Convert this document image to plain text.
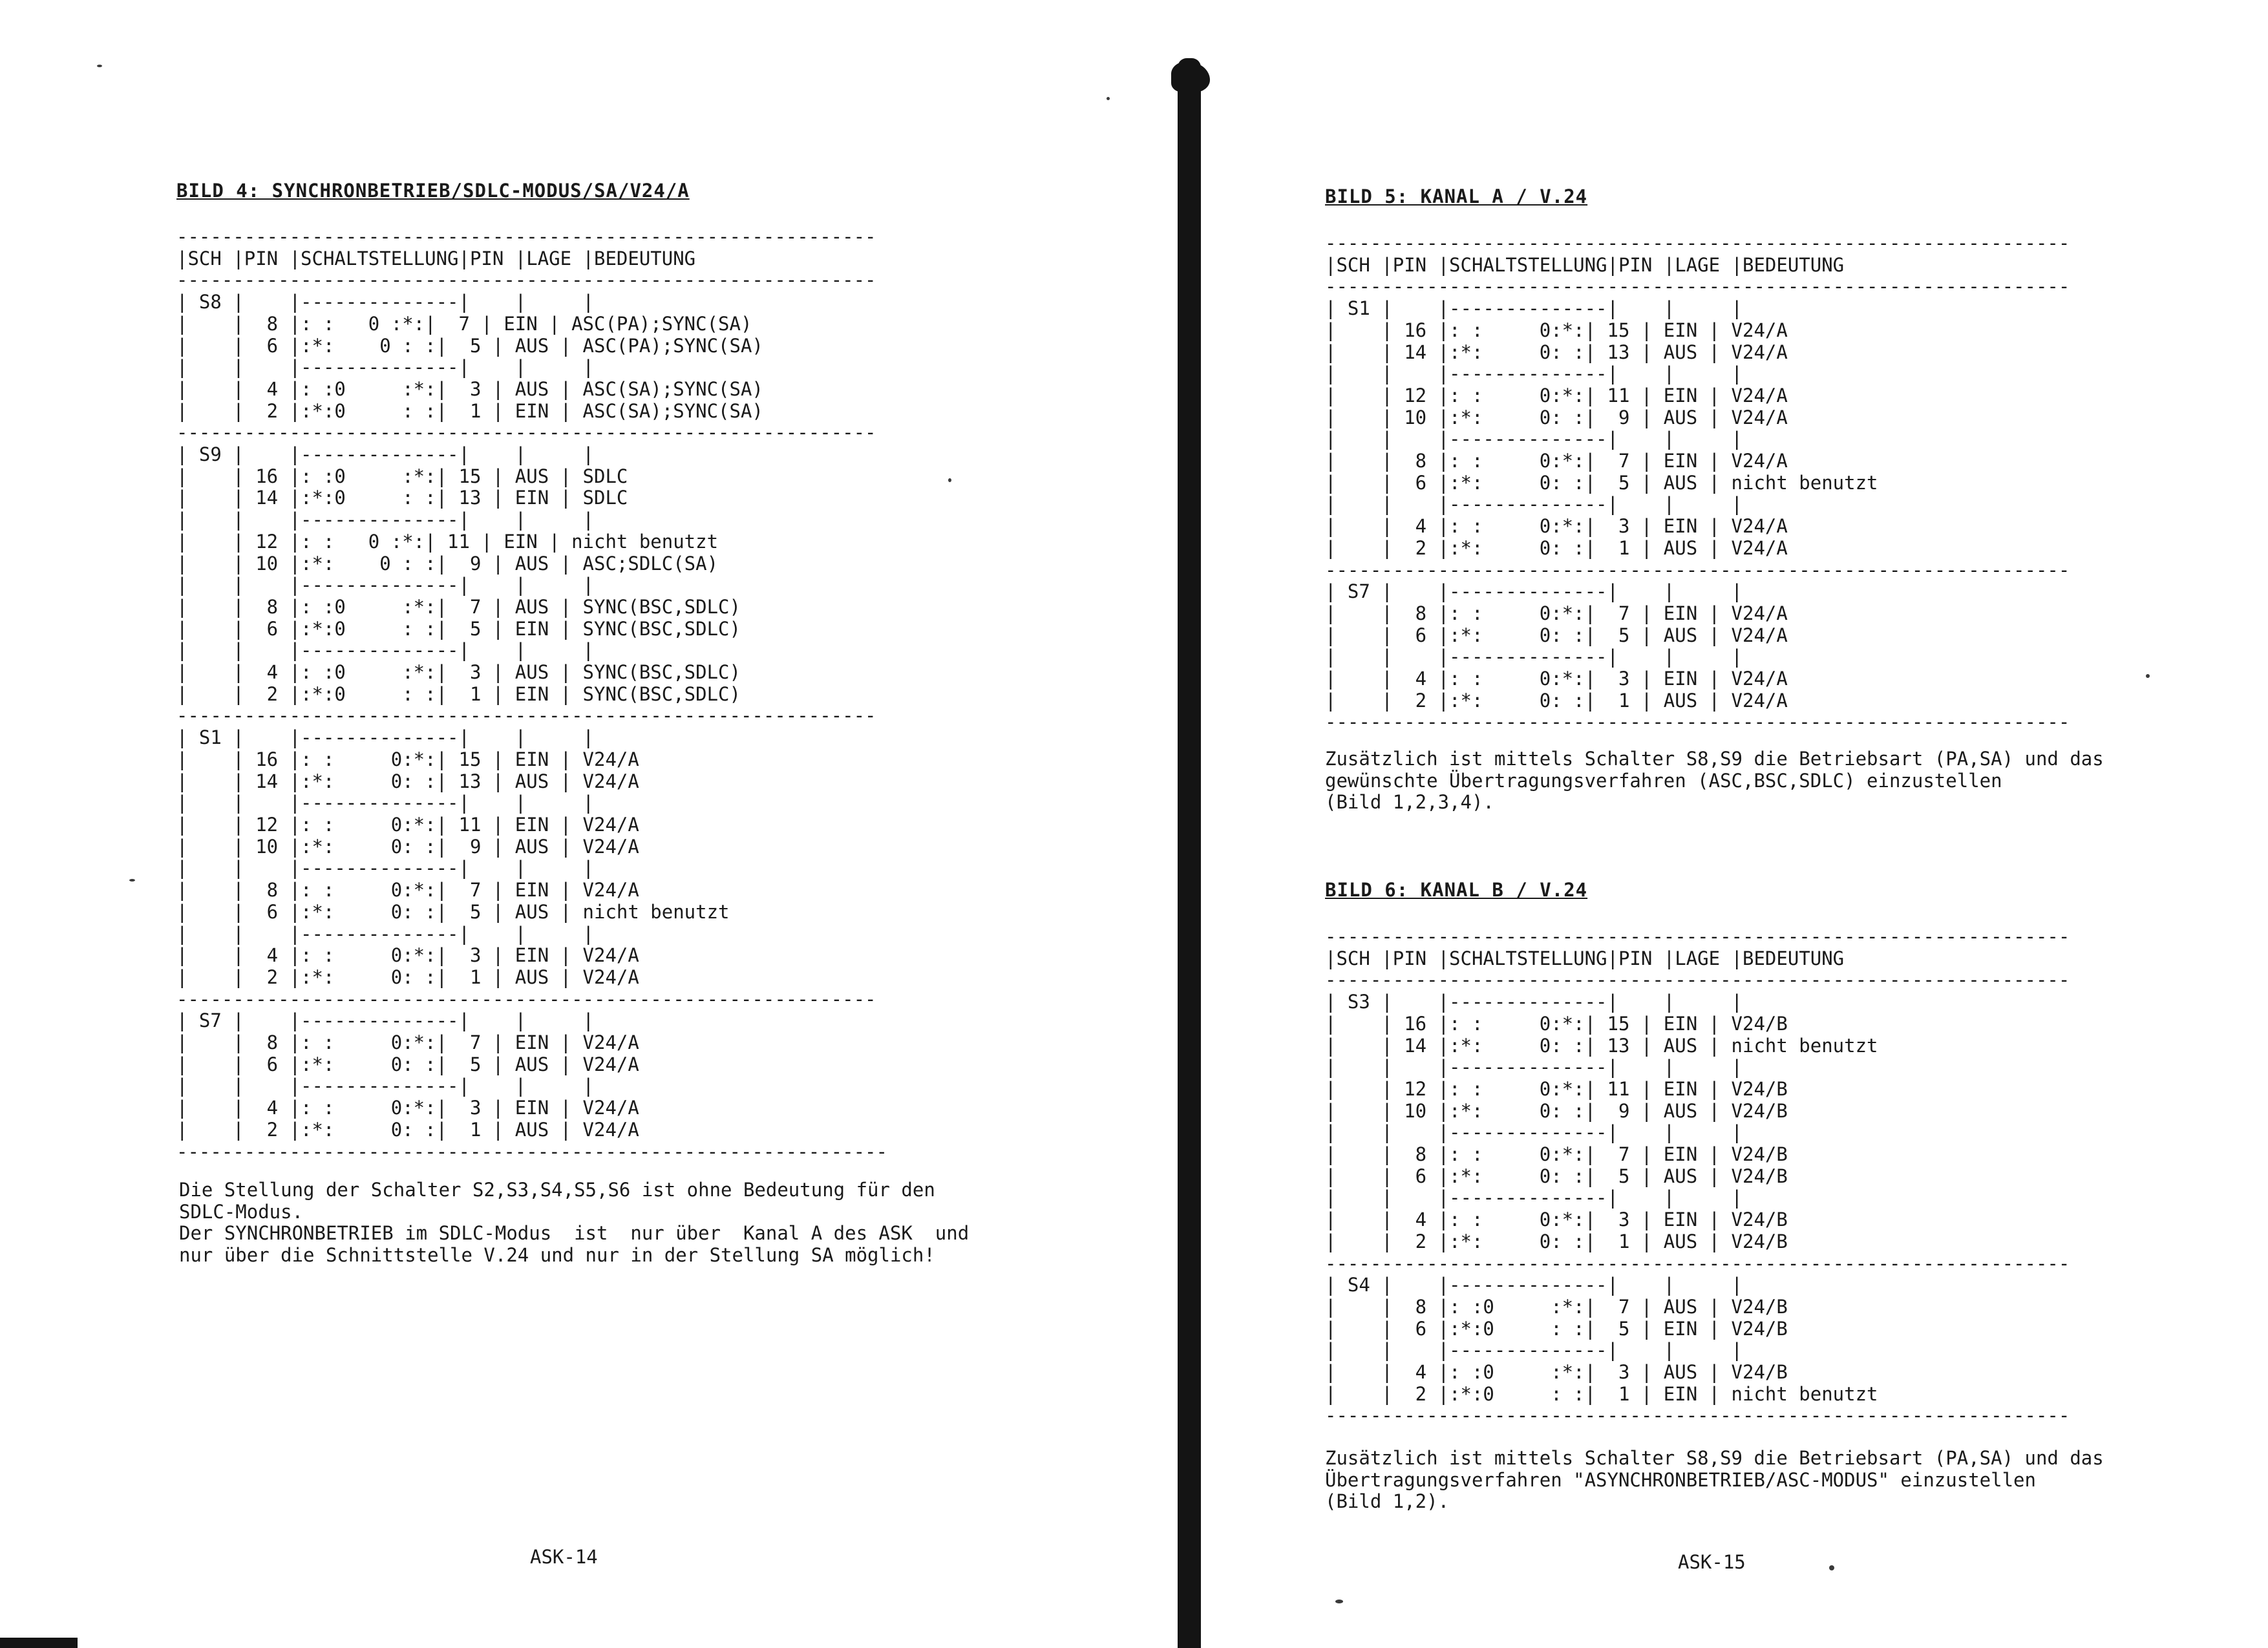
BILD 4: SYNCHRONBETRIEB/SDLC-MODUS/SA/V24/A
--------------------------------------------------------------
|SCH |PIN |SCHALTSTELLUNG|PIN |LAGE |BEDEUTUNG
--------------------------------------------------------------
| S8 |    |--------------|    |     |
|    |  8 |: :   0 :*:|  7 | EIN | ASC(PA);SYNC(SA)
|    |  6 |:*:    0 : :|  5 | AUS | ASC(PA);SYNC(SA)
|    |    |--------------|    |     |
|    |  4 |: :0     :*:|  3 | AUS | ASC(SA);SYNC(SA)
|    |  2 |:*:0     : :|  1 | EIN | ASC(SA);SYNC(SA)
--------------------------------------------------------------
| S9 |    |--------------|    |     |
|    | 16 |: :0     :*:| 15 | AUS | SDLC
|    | 14 |:*:0     : :| 13 | EIN | SDLC
|    |    |--------------|    |     |
|    | 12 |: :   0 :*:| 11 | EIN | nicht benutzt
|    | 10 |:*:    0 : :|  9 | AUS | ASC;SDLC(SA)
|    |    |--------------|    |     |
|    |  8 |: :0     :*:|  7 | AUS | SYNC(BSC,SDLC)
|    |  6 |:*:0     : :|  5 | EIN | SYNC(BSC,SDLC)
|    |    |--------------|    |     |
|    |  4 |: :0     :*:|  3 | AUS | SYNC(BSC,SDLC)
|    |  2 |:*:0     : :|  1 | EIN | SYNC(BSC,SDLC)
--------------------------------------------------------------
| S1 |    |--------------|    |     |
|    | 16 |: :     0:*:| 15 | EIN | V24/A
|    | 14 |:*:     0: :| 13 | AUS | V24/A
|    |    |--------------|    |     |
|    | 12 |: :     0:*:| 11 | EIN | V24/A
|    | 10 |:*:     0: :|  9 | AUS | V24/A
|    |    |--------------|    |     |
|    |  8 |: :     0:*:|  7 | EIN | V24/A
|    |  6 |:*:     0: :|  5 | AUS | nicht benutzt
|    |    |--------------|    |     |
|    |  4 |: :     0:*:|  3 | EIN | V24/A
|    |  2 |:*:     0: :|  1 | AUS | V24/A
--------------------------------------------------------------
| S7 |    |--------------|    |     |
|    |  8 |: :     0:*:|  7 | EIN | V24/A
|    |  6 |:*:     0: :|  5 | AUS | V24/A
|    |    |--------------|    |     |
|    |  4 |: :     0:*:|  3 | EIN | V24/A
|    |  2 |:*:     0: :|  1 | AUS | V24/A
---------------------------------------------------------------
Die Stellung der Schalter S2,S3,S4,S5,S6 ist ohne Bedeutung für den
SDLC-Modus.
Der SYNCHRONBETRIEB im SDLC-Modus  ist  nur über  Kanal A des ASK  und
nur über die Schnittstelle V.24 und nur in der Stellung SA möglich!
ASK-14
BILD 5: KANAL A / V.24
------------------------------------------------------------------
|SCH |PIN |SCHALTSTELLUNG|PIN |LAGE |BEDEUTUNG
------------------------------------------------------------------
| S1 |    |--------------|    |     |
|    | 16 |: :     0:*:| 15 | EIN | V24/A
|    | 14 |:*:     0: :| 13 | AUS | V24/A
|    |    |--------------|    |     |
|    | 12 |: :     0:*:| 11 | EIN | V24/A
|    | 10 |:*:     0: :|  9 | AUS | V24/A
|    |    |--------------|    |     |
|    |  8 |: :     0:*:|  7 | EIN | V24/A
|    |  6 |:*:     0: :|  5 | AUS | nicht benutzt
|    |    |--------------|    |     |
|    |  4 |: :     0:*:|  3 | EIN | V24/A
|    |  2 |:*:     0: :|  1 | AUS | V24/A
------------------------------------------------------------------
| S7 |    |--------------|    |     |
|    |  8 |: :     0:*:|  7 | EIN | V24/A
|    |  6 |:*:     0: :|  5 | AUS | V24/A
|    |    |--------------|    |     |
|    |  4 |: :     0:*:|  3 | EIN | V24/A
|    |  2 |:*:     0: :|  1 | AUS | V24/A
------------------------------------------------------------------
Zusätzlich ist mittels Schalter S8,S9 die Betriebsart (PA,SA) und das
gewünschte Übertragungsverfahren (ASC,BSC,SDLC) einzustellen
(Bild 1,2,3,4).
BILD 6: KANAL B / V.24
------------------------------------------------------------------
|SCH |PIN |SCHALTSTELLUNG|PIN |LAGE |BEDEUTUNG
------------------------------------------------------------------
| S3 |    |--------------|    |     |
|    | 16 |: :     0:*:| 15 | EIN | V24/B
|    | 14 |:*:     0: :| 13 | AUS | nicht benutzt
|    |    |--------------|    |     |
|    | 12 |: :     0:*:| 11 | EIN | V24/B
|    | 10 |:*:     0: :|  9 | AUS | V24/B
|    |    |--------------|    |     |
|    |  8 |: :     0:*:|  7 | EIN | V24/B
|    |  6 |:*:     0: :|  5 | AUS | V24/B
|    |    |--------------|    |     |
|    |  4 |: :     0:*:|  3 | EIN | V24/B
|    |  2 |:*:     0: :|  1 | AUS | V24/B
------------------------------------------------------------------
| S4 |    |--------------|    |     |
|    |  8 |: :0     :*:|  7 | AUS | V24/B
|    |  6 |:*:0     : :|  5 | EIN | V24/B
|    |    |--------------|    |     |
|    |  4 |: :0     :*:|  3 | AUS | V24/B
|    |  2 |:*:0     : :|  1 | EIN | nicht benutzt
------------------------------------------------------------------
Zusätzlich ist mittels Schalter S8,S9 die Betriebsart (PA,SA) und das
Übertragungsverfahren "ASYNCHRONBETRIEB/ASC-MODUS" einzustellen
(Bild 1,2).
ASK-15
